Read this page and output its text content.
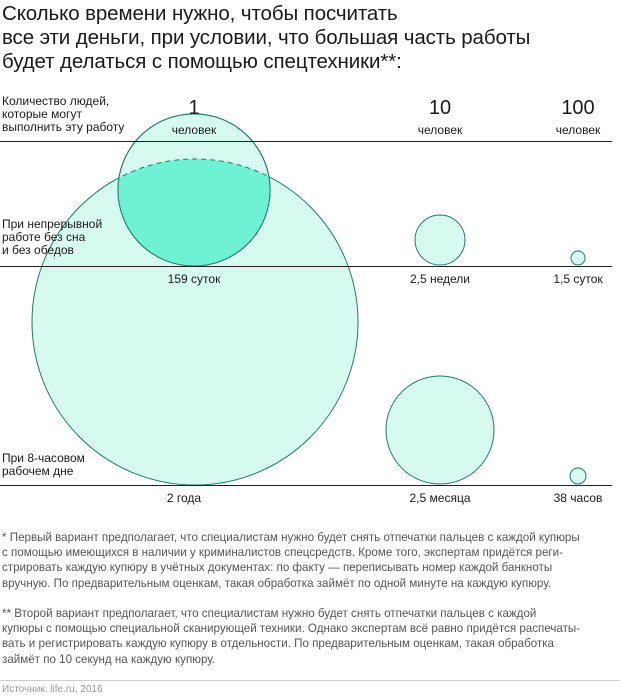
Сколько времени нужно, чтобы посчитать
все эти деньги, при условии, что большая часть работы
будет делаться с помощью спецтехники**:
Количество людей,
которые могут
выполнить эту работу
При непрерывной
работе без сна
и без обедов
При 8-часовом
рабочем дне
1	10	100
человек	человек	человек
159 суток	2,5 недели	1,5 суток
2 года	2,5 месяца	38 часов
* Первый вариант предполагает, что специалистам нужно будет снять отпечатки пальцев с каждой купюры
с помощью имеющихся в наличии у криминалистов спецсредств. Кроме того, экспертам придётся реги-
стрировать каждую купюру в учётных документах: по факту — переписывать номер каждой банкноты
вручную. По предварительным оценкам, такая обработка займёт по одной минуте на каждую купюру.
** Второй вариант предполагает, что специалистам нужно будет снять отпечатки пальцев с каждой
купюры с помощью специальной сканирующей техники. Однако экспертам всё равно придётся распечаты-
вать и регистрировать каждую купюру в отдельности. По предварительным оценкам, такая обработка
займёт по 10 секунд на каждую купюру.
Источник: life.ru, 2016
